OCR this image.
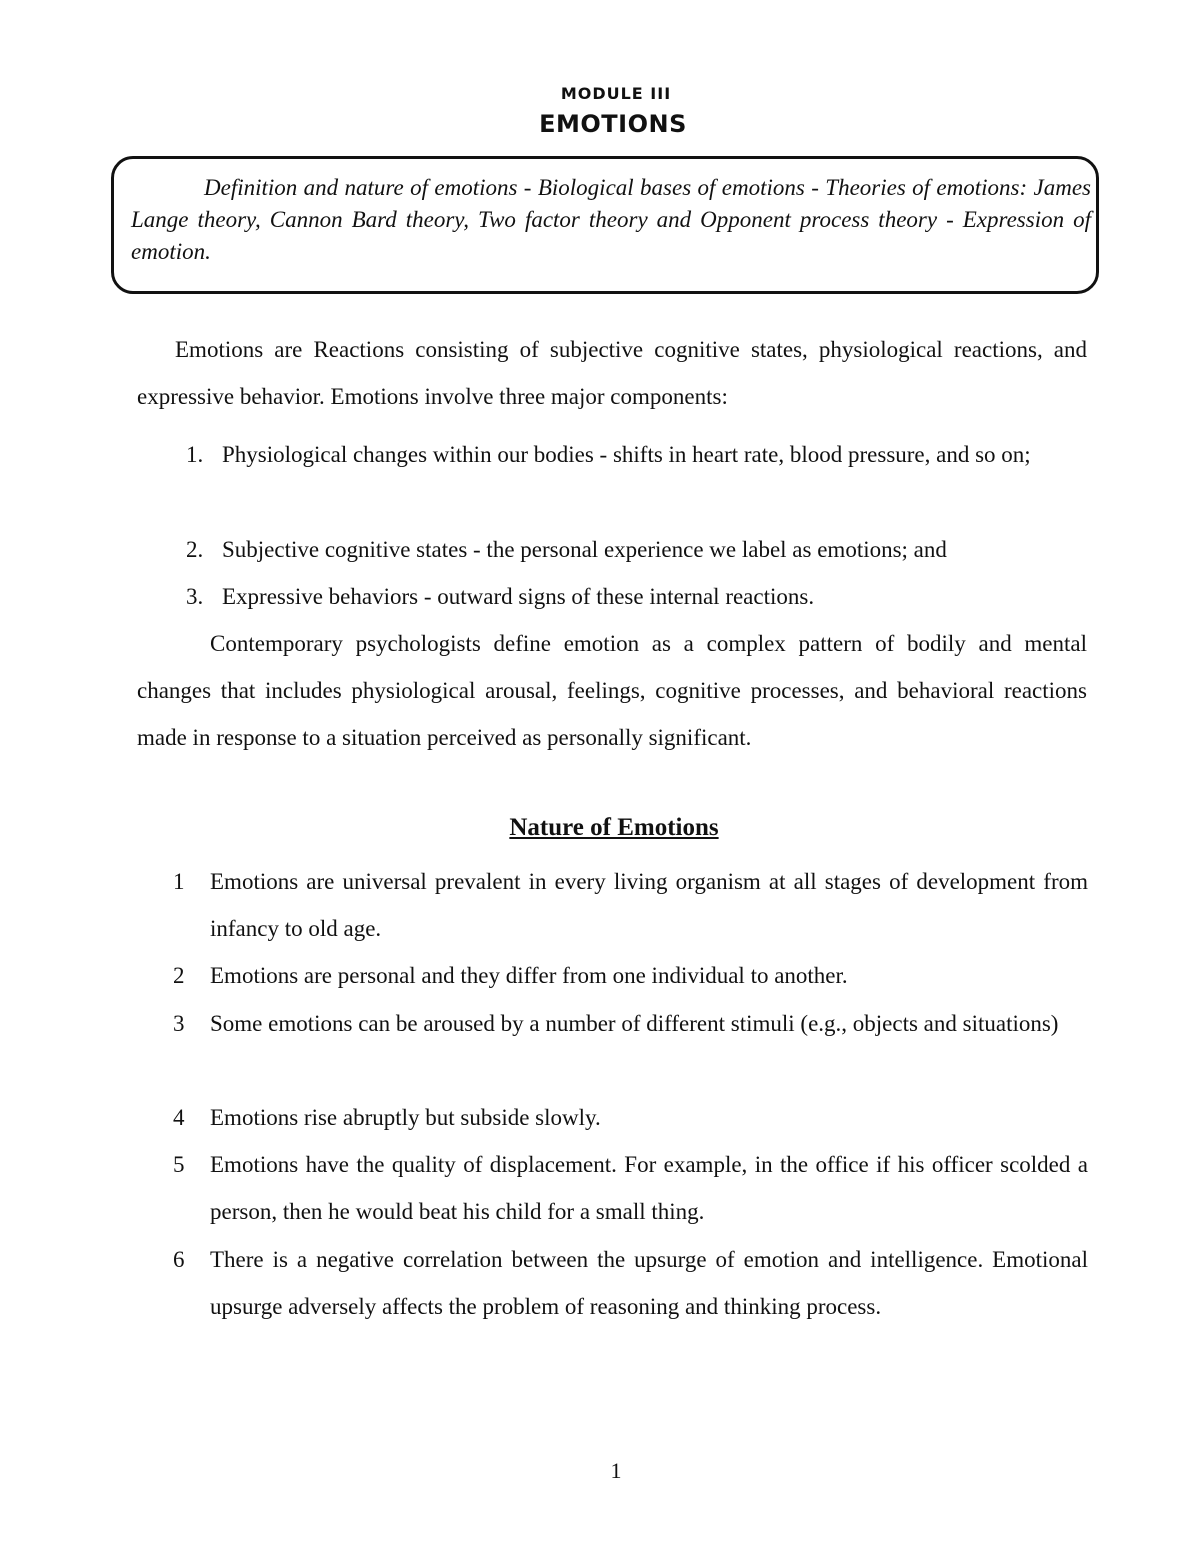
MODULE III
EMOTIONS
Definition and nature of emotions - Biological bases of emotions - Theories of emotions: James Lange theory, Cannon Bard theory, Two factor theory and Opponent process theory - Expression of emotion.
Emotions are Reactions consisting of subjective cognitive states, physiological reactions, and expressive behavior. Emotions involve three major components:
1. Physiological changes within our bodies - shifts in heart rate, blood pressure, and so on;
2. Subjective cognitive states - the personal experience we label as emotions; and
3. Expressive behaviors - outward signs of these internal reactions.
Contemporary psychologists define emotion as a complex pattern of bodily and mental changes that includes physiological arousal, feelings, cognitive processes, and behavioral reactions made in response to a situation perceived as personally significant.
Nature of Emotions
1 Emotions are universal prevalent in every living organism at all stages of development from infancy to old age.
2 Emotions are personal and they differ from one individual to another.
3 Some emotions can be aroused by a number of different stimuli (e.g., objects and situations)
4 Emotions rise abruptly but subside slowly.
5 Emotions have the quality of displacement. For example, in the office if his officer scolded a person, then he would beat his child for a small thing.
6 There is a negative correlation between the upsurge of emotion and intelligence. Emotional upsurge adversely affects the problem of reasoning and thinking process.
1
